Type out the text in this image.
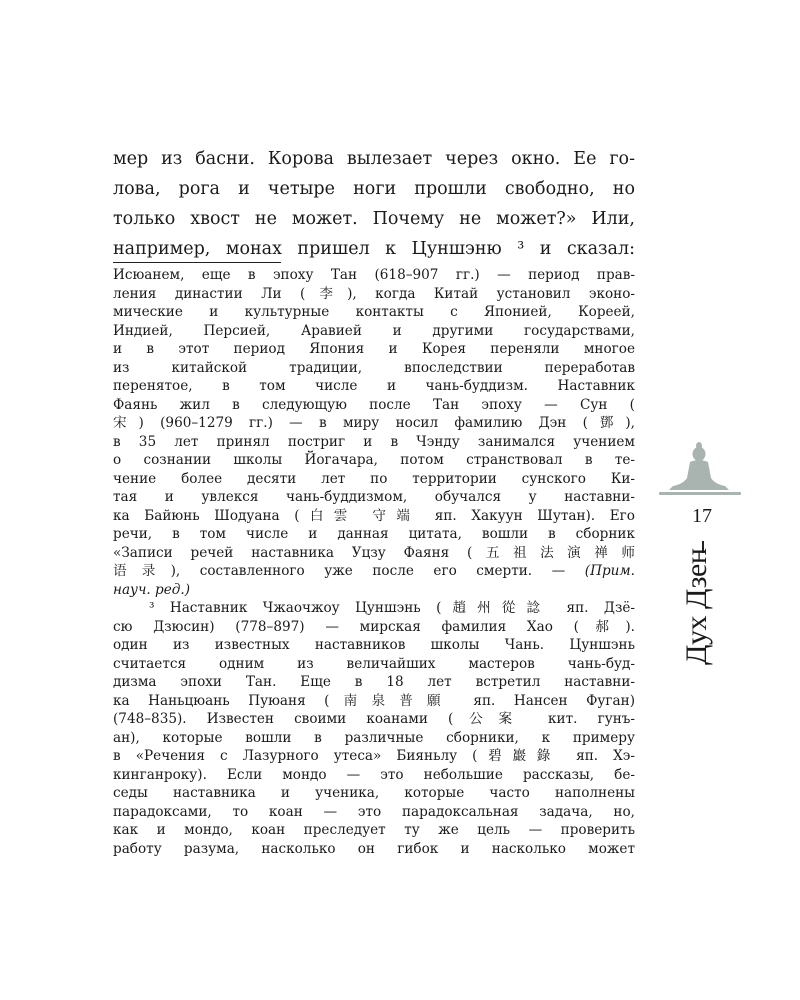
мер из басни. Корова вылезает через окно. Ее го-
лова, рога и четыре ноги прошли свободно, но
только хвост не может. Почему не может?» Или,
например, монах пришел к Цуншэню ³ и сказал:
Исюанем, еще в эпоху Тан (618–907 гг.) — период прав-
ления династии Ли (李), когда Китай установил эконо-
мические и культурные контакты с Японией, Кореей,
Индией, Персией, Аравией и другими государствами,
и в этот период Япония и Корея переняли многое
из китайской традиции, впоследствии переработав
перенятое, в том числе и чань-буддизм. Наставник
Фаянь жил в следующую после Тан эпоху — Сун (
宋) (960–1279 гг.) — в миру носил фамилию Дэн (鄧),
в 35 лет принял постриг и в Чэнду занимался учением
о сознании школы Йогачара, потом странствовал в те-
чение более десяти лет по территории сунского Ки-
тая и увлекся чань-буддизмом, обучался у наставни-
ка Байюнь Шодуана (白雲 守端 яп. Хакуун Шутан). Его
речи, в том числе и данная цитата, вошли в сборник
«Записи речей наставника Уцзу Фаяня (五祖法演禅师
语录), составленного уже после его смерти. — (Прим.
науч. ред.)
³ Наставник Чжаочжоу Цуншэнь (趙州從諗 яп. Дзё-
сю Дзюсин) (778–897) — мирская фамилия Хао (郝).
один из известных наставников школы Чань. Цуншэнь
считается одним из величайших мастеров чань-буд-
дизма эпохи Тан. Еще в 18 лет встретил наставни-
ка Наньцюань Пуюаня (南泉普願 яп. Нансен Фуган)
(748–835). Известен своими коанами (公案 кит. гунъ-
ан), которые вошли в различные сборники, к примеру
в «Речения с Лазурного утеса» Бияньлу (碧巖錄 яп. Хэ-
кинганроку). Если мондо — это небольшие рассказы, бе-
седы наставника и ученика, которые часто наполнены
парадоксами, то коан — это парадоксальная задача, но,
как и мондо, коан преследует ту же цель — проверить
работу разума, насколько он гибок и насколько может
17
Дух Дзен
